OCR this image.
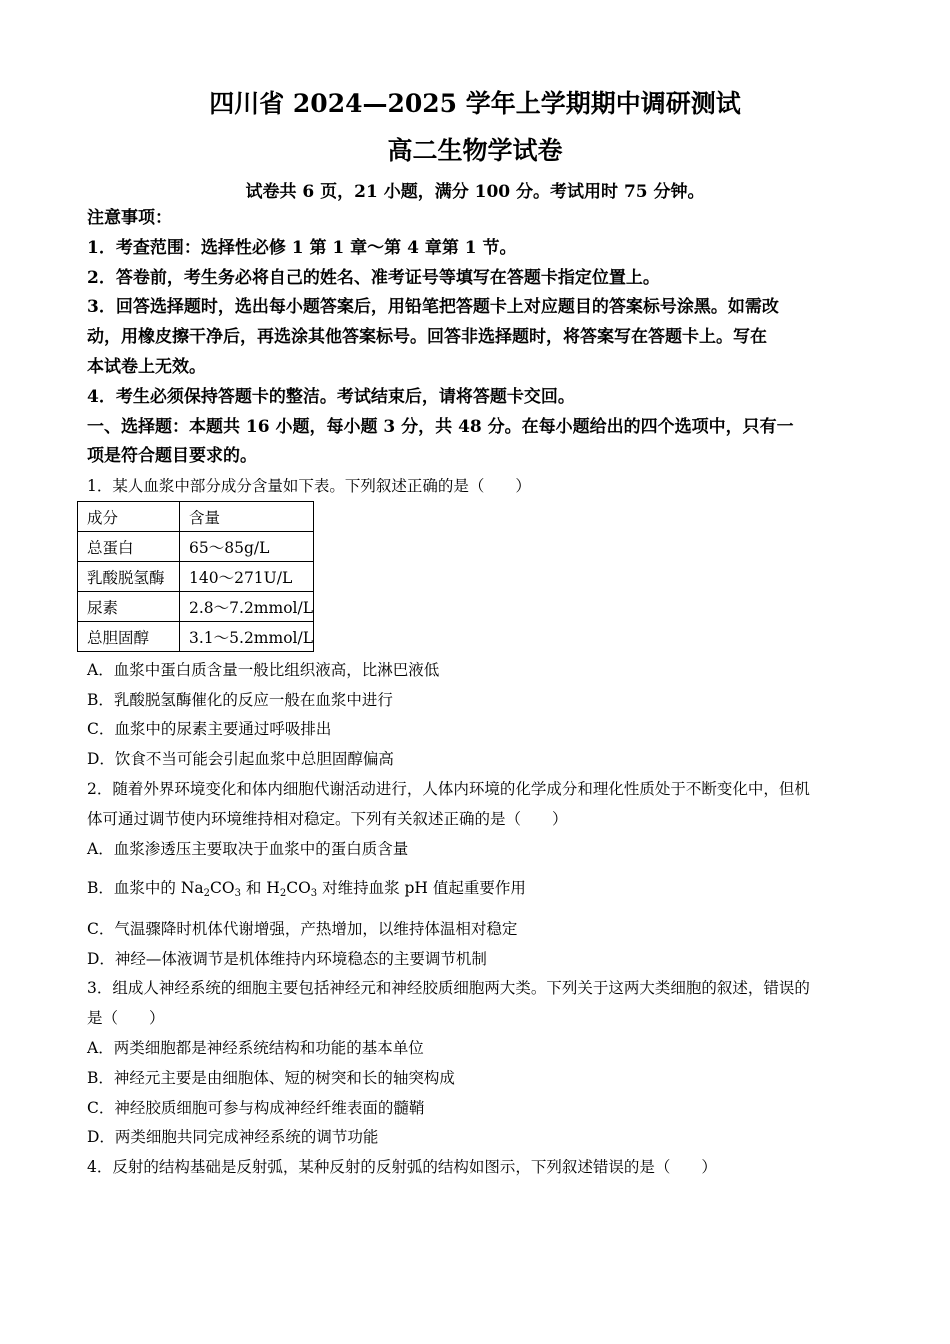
四川省 2024—2025 学年上学期期中调研测试
高二生物学试卷
试卷共 6 页，21 小题，满分 100 分。考试用时 75 分钟。
注意事项：
1．考查范围：选择性必修 1 第 1 章～第 4 章第 1 节。
2．答卷前，考生务必将自己的姓名、准考证号等填写在答题卡指定位置上。
3．回答选择题时，选出每小题答案后，用铅笔把答题卡上对应题目的答案标号涂黑。如需改
动，用橡皮擦干净后，再选涂其他答案标号。回答非选择题时，将答案写在答题卡上。写在
本试卷上无效。
4．考生必须保持答题卡的整洁。考试结束后，请将答题卡交回。
一、选择题：本题共 16 小题，每小题 3 分，共 48 分。在每小题给出的四个选项中，只有一
项是符合题目要求的。
1．某人血浆中部分成分含量如下表。下列叙述正确的是（　　）
成分	含量
总蛋白	65～85g/L
乳酸脱氢酶	140～271U/L
尿素	2.8～7.2mmol/L
总胆固醇	3.1～5.2mmol/L
A．血浆中蛋白质含量一般比组织液高，比淋巴液低
B．乳酸脱氢酶催化的反应一般在血浆中进行
C．血浆中的尿素主要通过呼吸排出
D．饮食不当可能会引起血浆中总胆固醇偏高
2．随着外界环境变化和体内细胞代谢活动进行，人体内环境的化学成分和理化性质处于不断变化中，但机
体可通过调节使内环境维持相对稳定。下列有关叙述正确的是（　　）
A．血浆渗透压主要取决于血浆中的蛋白质含量
B．血浆中的 $Na_2CO_3$ 和 $H_2CO_3$ 对维持血浆 pH 值起重要作用
C．气温骤降时机体代谢增强，产热增加，以维持体温相对稳定
D．神经—体液调节是机体维持内环境稳态的主要调节机制
3．组成人神经系统的细胞主要包括神经元和神经胶质细胞两大类。下列关于这两大类细胞的叙述，错误的
是（　　）
A．两类细胞都是神经系统结构和功能的基本单位
B．神经元主要是由细胞体、短的树突和长的轴突构成
C．神经胶质细胞可参与构成神经纤维表面的髓鞘
D．两类细胞共同完成神经系统的调节功能
4．反射的结构基础是反射弧，某种反射的反射弧的结构如图示，下列叙述错误的是（　　）
